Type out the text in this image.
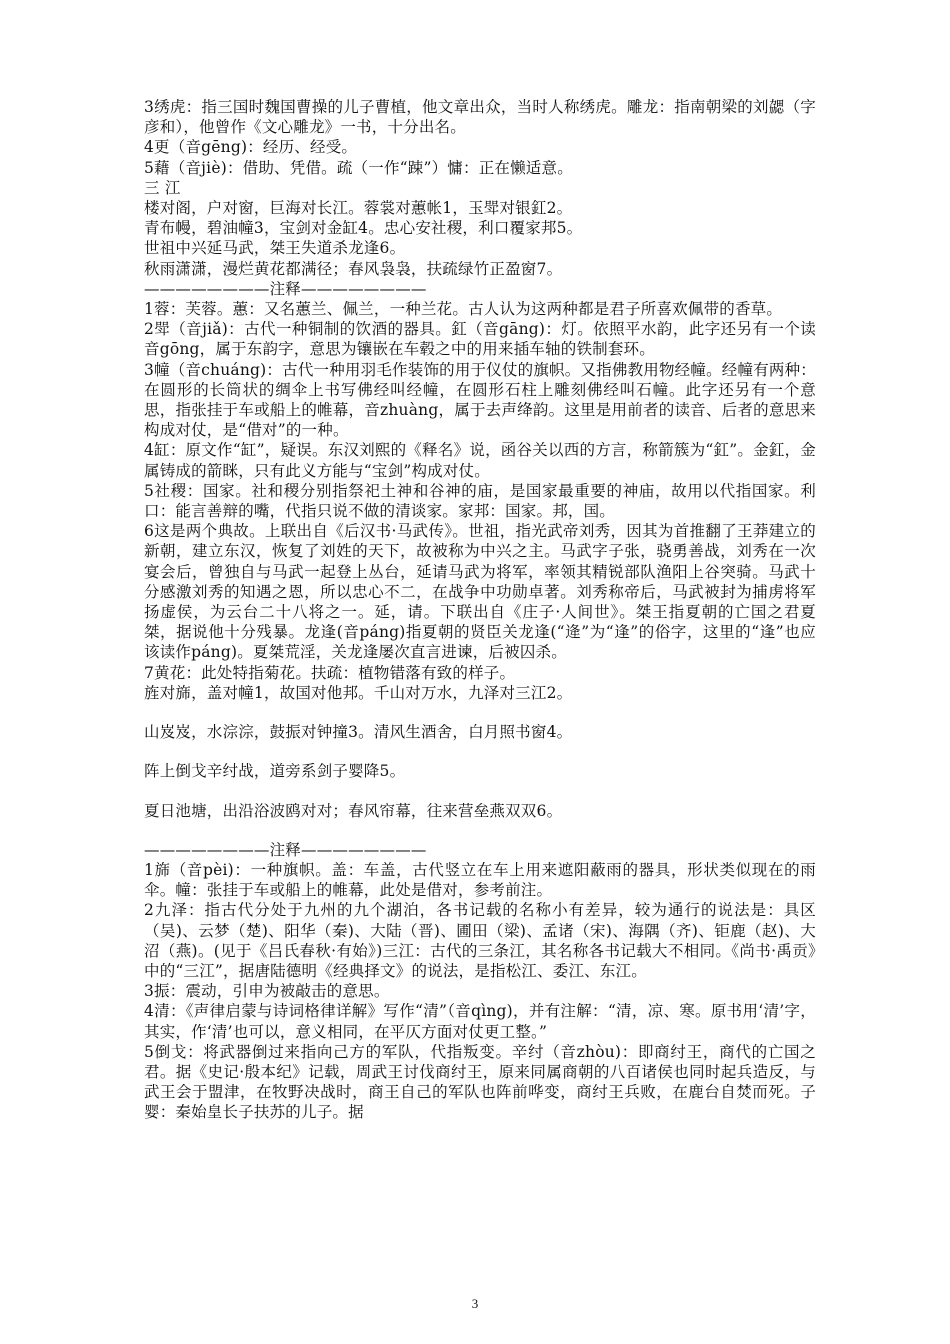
3绣虎：指三国时魏国曹操的儿子曹植，他文章出众，当时人称绣虎。雕龙：指南朝梁的刘勰（字彦和），他曾作《文心雕龙》一书，十分出名。

4更（音gēng)：经历、经受。

5藉（音jiè)：借助、凭借。疏（一作“踈”）慵：正在懒适意。

三 江

楼对阁，户对窗，巨海对长江。蓉裳对蕙帐1，玉斝对银釭2。

青布幔，碧油幢3，宝剑对金缸4。忠心安社稷，利口覆家邦5。

世祖中兴延马武，桀王失道杀龙逢6。

秋雨潇潇，漫烂黄花都满径；春风袅袅，扶疏绿竹正盈窗7。

————————注释————————

1蓉：芙蓉。蕙：又名蕙兰、佩兰，一种兰花。古人认为这两种都是君子所喜欢佩带的香草。

2斝（音jiǎ)：古代一种铜制的饮酒的器具。釭（音gāng)：灯。依照平水韵，此字还另有一个读音gōng，属于东韵字，意思为镶嵌在车毂之中的用来插车轴的铁制套环。

3幢（音chuáng)：古代一种用羽毛作装饰的用于仪仗的旗帜。又指佛教用物经幢。经幢有两种：在圆形的长筒状的绸伞上书写佛经叫经幢，在圆形石柱上雕刻佛经叫石幢。此字还另有一个意思，指张挂于车或船上的帷幕，音zhuàng，属于去声绛韵。这里是用前者的读音、后者的意思来构成对仗，是“借对”的一种。

4缸：原文作“缸”，疑误。东汉刘熙的《释名》说，函谷关以西的方言，称箭簇为“釭”。金釭，金属铸成的箭眯，只有此义方能与“宝剑”构成对仗。

5社稷：国家。社和稷分别指祭祀土神和谷神的庙，是国家最重要的神庙，故用以代指国家。利口：能言善辩的嘴，代指只说不做的清谈家。家邦：国家。邦，国。

6这是两个典故。上联出自《后汉书·马武传》。世祖，指光武帝刘秀，因其为首推翻了王莽建立的新朝，建立东汉，恢复了刘姓的天下，故被称为中兴之主。马武字子张，骁勇善战，刘秀在一次宴会后，曾独自与马武一起登上丛台，延请马武为将军，率领其精锐部队渔阳上谷突骑。马武十分感激刘秀的知遇之恩，所以忠心不二，在战争中功勋卓著。刘秀称帝后，马武被封为捕虏将军扬虚侯，为云台二十八将之一。延，请。下联出自《庄子·人间世》。桀王指夏朝的亡国之君夏桀，据说他十分残暴。龙逢(音páng)指夏朝的贤臣关龙逢(“逄”为“逢”的俗字，这里的“逢”也应该读作páng)。夏桀荒淫，关龙逢屡次直言进谏，后被囚杀。

7黄花：此处特指菊花。扶疏：植物错落有致的样子。

旌对旆，盖对幢1，故国对他邦。千山对万水，九泽对三江2。

山岌岌，水淙淙，鼓振对钟撞3。清风生酒舍，白月照书窗4。

阵上倒戈辛纣战，道旁系剑子婴降5。

夏日池塘，出沿浴波鸥对对；春风帘幕，往来营垒燕双双6。

————————注释————————

1旆（音pèi)：一种旗帜。盖：车盖，古代竖立在车上用来遮阳蔽雨的器具，形状类似现在的雨伞。幢：张挂于车或船上的帷幕，此处是借对，参考前注。

2九泽：指古代分处于九州的九个湖泊，各书记载的名称小有差异，较为通行的说法是：具区（吴)、云梦（楚)、阳华（秦)、大陆（晋)、圃田（梁)、孟诸（宋)、海隅（齐)、钜鹿（赵)、大沼（燕)。(见于《吕氏春秋·有始》)三江：古代的三条江，其名称各书记载大不相同。《尚书·禹贡》中的“三江”，据唐陆德明《经典择文》的说法，是指松江、委江、东江。

3振：震动，引申为被敲击的意思。

4清：《声律启蒙与诗词格律详解》写作“清”（音qìng)，并有注解：“清，凉、寒。原书用‘清’字，其实，作‘清’也可以，意义相同，在平仄方面对仗更工整。”

5倒戈：将武器倒过来指向己方的军队，代指叛变。辛纣（音zhòu)：即商纣王，商代的亡国之君。据《史记·殷本纪》记载，周武王讨伐商纣王，原来同属商朝的八百诸侯也同时起兵造反，与武王会于盟津，在牧野决战时，商王自己的军队也阵前哗变，商纣王兵败，在鹿台自焚而死。子婴：秦始皇长子扶苏的儿子。据

3
